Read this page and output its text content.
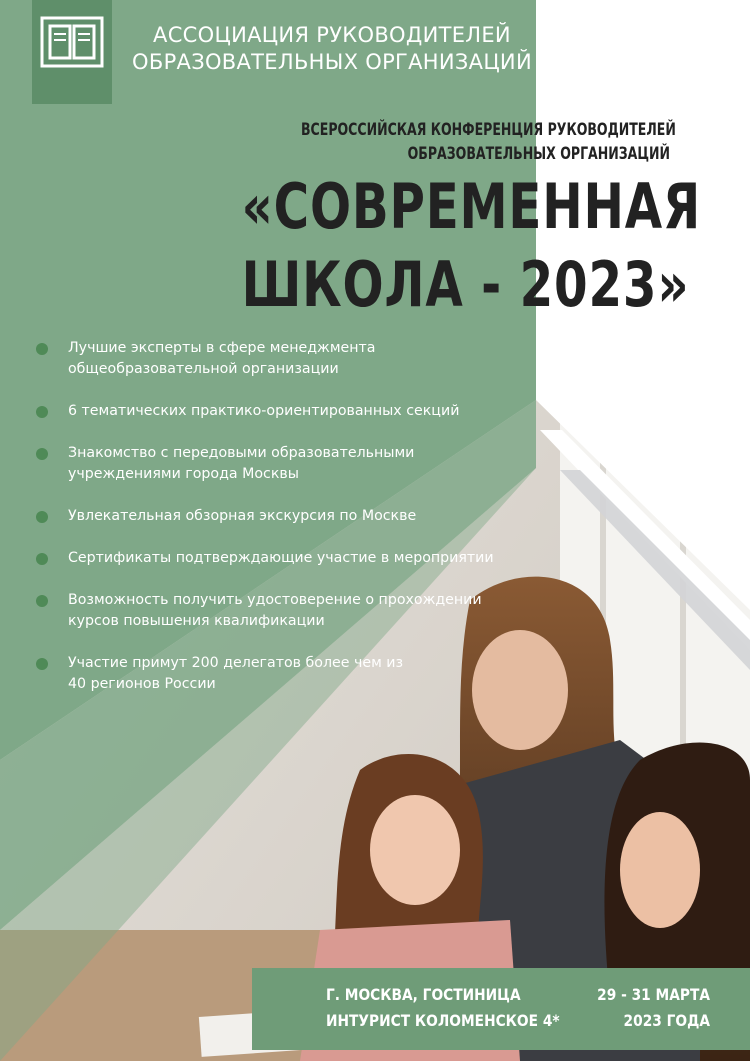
АССОЦИАЦИЯ РУКОВОДИТЕЛЕЙ
ОБРАЗОВАТЕЛЬНЫХ ОРГАНИЗАЦИЙ
ВСЕРОССИЙСКАЯ КОНФЕРЕНЦИЯ РУКОВОДИТЕЛЕЙ
ОБРАЗОВАТЕЛЬНЫХ ОРГАНИЗАЦИЙ
«СОВРЕМЕННАЯ
ШКОЛА - 2023»
Лучшие эксперты в сфере менеджмента
общеобразовательной организации
6 тематических практико-ориентированных секций
Знакомство с передовыми образовательными
учреждениями города Москвы
Увлекательная обзорная экскурсия по Москве
Сертификаты подтверждающие участие в мероприятии
Возможность получить удостоверение о прохождении
курсов повышения квалификации
Участие примут 200 делегатов более чем из
40 регионов России
Г. МОСКВА, ГОСТИНИЦА
ИНТУРИСТ КОЛОМЕНСКОЕ 4*
29 - 31 МАРТА
2023 ГОДА
